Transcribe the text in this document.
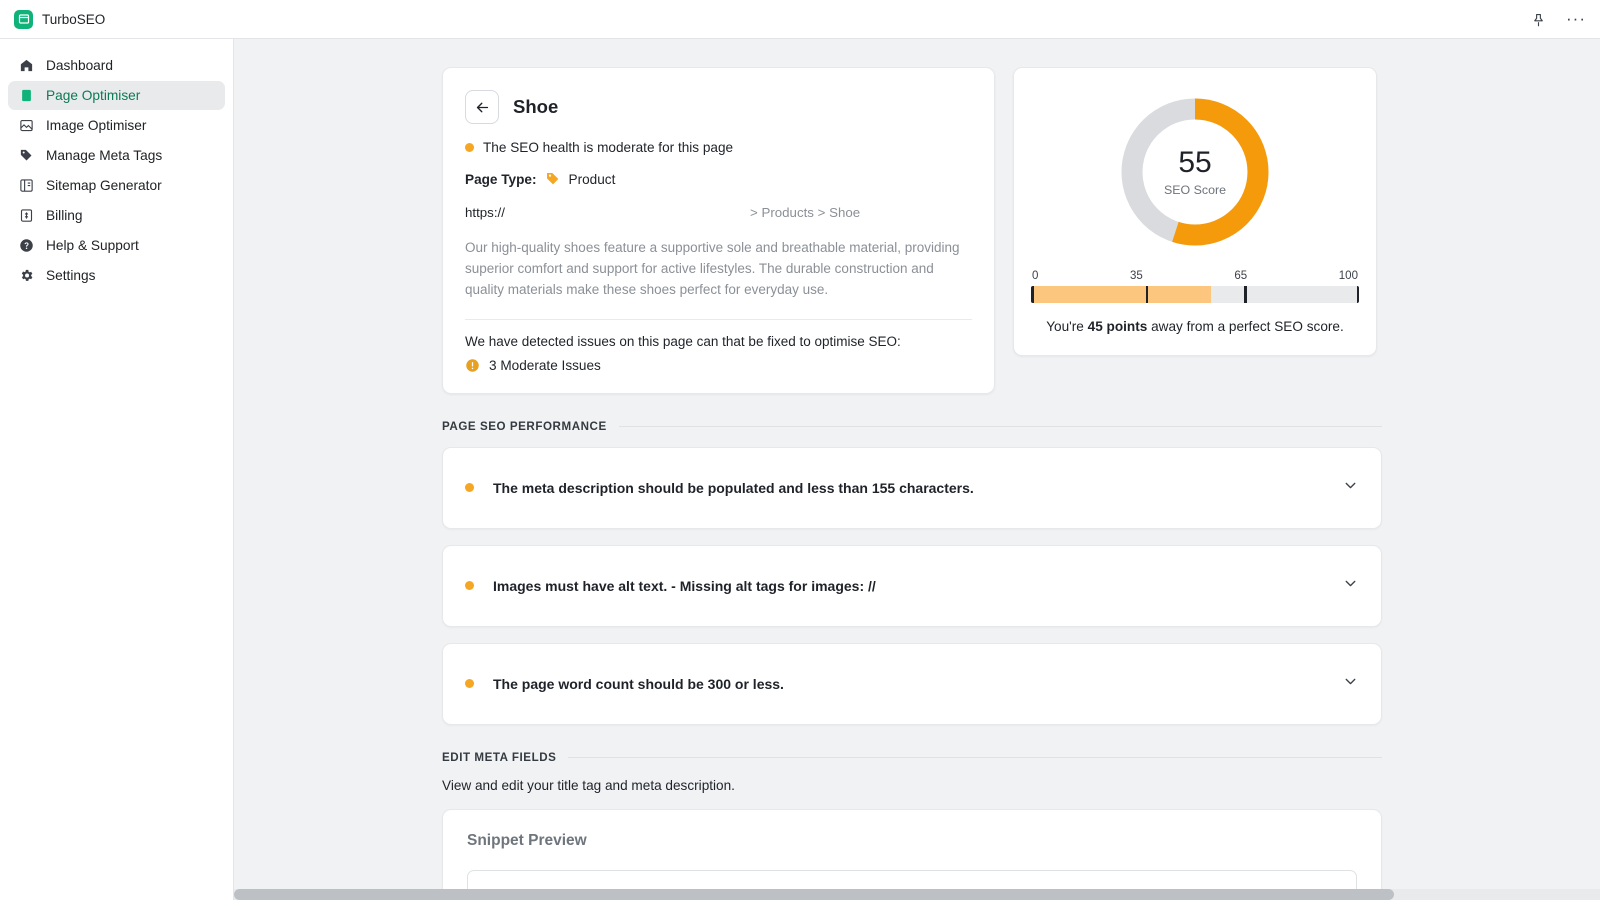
TurboSEO	···
Dashboard
Page Optimiser
Image Optimiser
Manage Meta Tags
Sitemap Generator
Billing
Help & Support
Settings
Shoe
The SEO health is moderate for this page
Page Type: Product
https://	> Products > Shoe
Our high-quality shoes feature a supportive sole and breathable material, providing superior comfort and support for active lifestyles. The durable construction and quality materials make these shoes perfect for everyday use.
We have detected issues on this page can that be fixed to optimise SEO:
3 Moderate Issues
55
SEO Score
0	35	65	100
You're 45 points away from a perfect SEO score.
PAGE SEO PERFORMANCE
The meta description should be populated and less than 155 characters.
Images must have alt text. - Missing alt tags for images: //
The page word count should be 300 or less.
EDIT META FIELDS
View and edit your title tag and meta description.
Snippet Preview
